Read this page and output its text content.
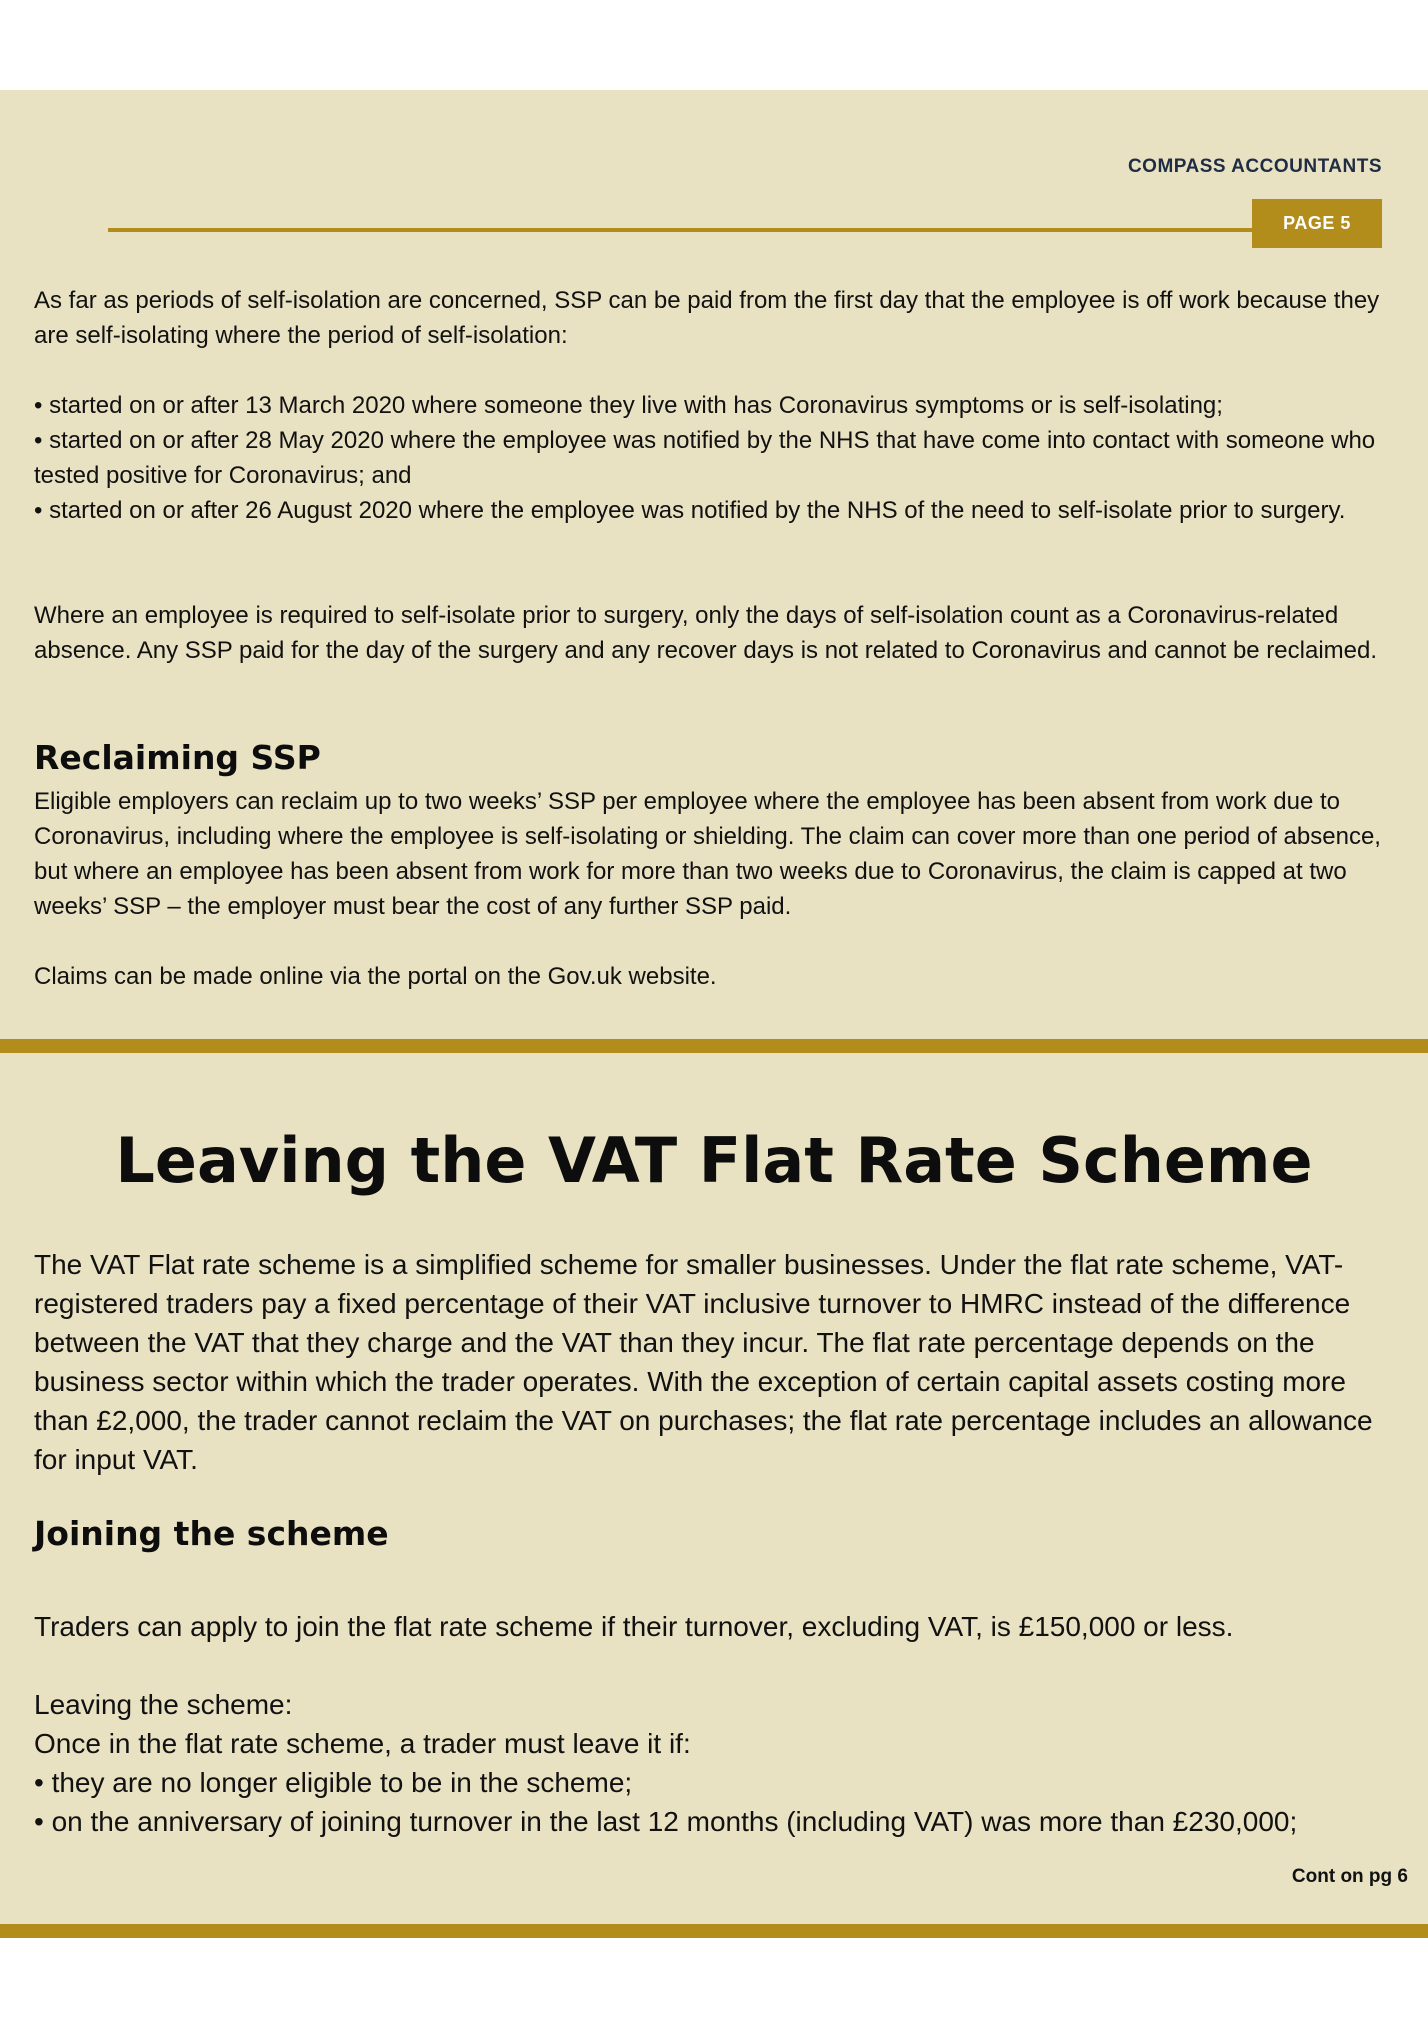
COMPASS ACCOUNTANTS
PAGE 5

As far as periods of self-isolation are concerned, SSP can be paid from the first day that the employee is off work because they are self-isolating where the period of self-isolation:

• started on or after 13 March 2020 where someone they live with has Coronavirus symptoms or is self-isolating;
• started on or after 28 May 2020 where the employee was notified by the NHS that have come into contact with someone who tested positive for Coronavirus; and
• started on or after 26 August 2020 where the employee was notified by the NHS of the need to self-isolate prior to surgery.

Where an employee is required to self-isolate prior to surgery, only the days of self-isolation count as a Coronavirus-related absence. Any SSP paid for the day of the surgery and any recover days is not related to Coronavirus and cannot be reclaimed.

Reclaiming SSP

Eligible employers can reclaim up to two weeks’ SSP per employee where the employee has been absent from work due to Coronavirus, including where the employee is self-isolating or shielding. The claim can cover more than one period of absence, but where an employee has been absent from work for more than two weeks due to Coronavirus, the claim is capped at two weeks’ SSP – the employer must bear the cost of any further SSP paid.

Claims can be made online via the portal on the Gov.uk website.

Leaving the VAT Flat Rate Scheme

The VAT Flat rate scheme is a simplified scheme for smaller businesses. Under the flat rate scheme, VAT-registered traders pay a fixed percentage of their VAT inclusive turnover to HMRC instead of the difference between the VAT that they charge and the VAT than they incur. The flat rate percentage depends on the business sector within which the trader operates. With the exception of certain capital assets costing more than £2,000, the trader cannot reclaim the VAT on purchases; the flat rate percentage includes an allowance for input VAT.

Joining the scheme

Traders can apply to join the flat rate scheme if their turnover, excluding VAT, is £150,000 or less.

Leaving the scheme:
Once in the flat rate scheme, a trader must leave it if:
• they are no longer eligible to be in the scheme;
• on the anniversary of joining turnover in the last 12 months (including VAT) was more than £230,000;
Cont on pg 6
